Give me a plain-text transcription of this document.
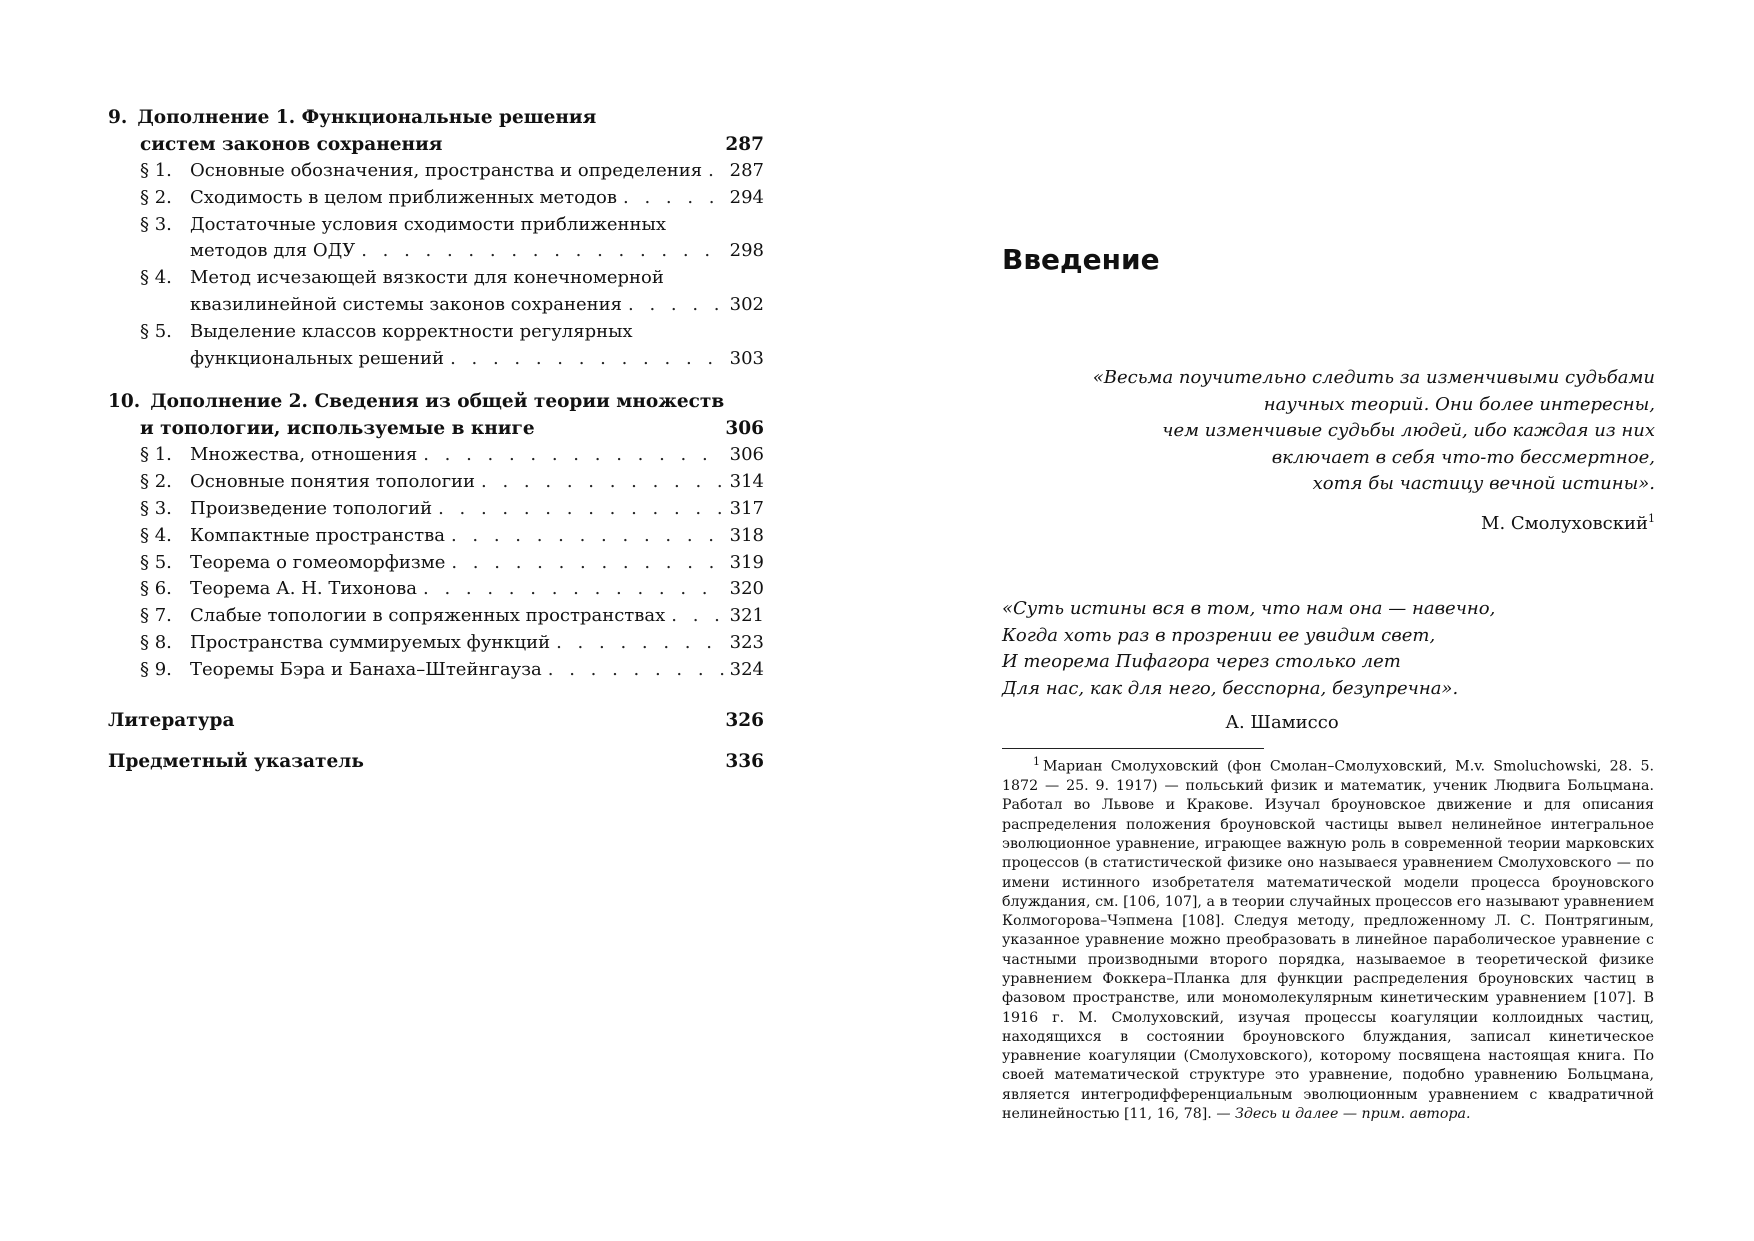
9. Дополнение 1. Функциональные решения
систем законов сохранения	287
§ 1.	Основные обозначения, пространства и определения . . . 287
§ 2.	Сходимость в целом приближенных методов . . .	294
§ 3.	Достаточные условия сходимости приближенных
методов для ОДУ . . .	298
§ 4.	Метод исчезающей вязкости для конечномерной
квазилинейной системы законов сохранения . . .	302
§ 5.	Выделение классов корректности регулярных
функциональных решений . . .	303
10. Дополнение 2. Сведения из общей теории множеств
и топологии, используемые в книге	306
§ 1.	Множества, отношения . . .	306
§ 2.	Основные понятия топологии . . .	314
§ 3.	Произведение топологий . . .	317
§ 4.	Компактные пространства . . .	318
§ 5.	Теорема о гомеоморфизме . . .	319
§ 6.	Теорема А. Н. Тихонова . . .	320
§ 7.	Слабые топологии в сопряженных пространствах . . .	321
§ 8.	Пространства суммируемых функций . . .	323
§ 9.	Теоремы Бэра и Банаха–Штейнгауза . . .	324
Литература	326
Предметный указатель	336
Введение
«Весьма поучительно следить за изменчивыми судьбами
научных теорий. Они более интересны,
чем изменчивые судьбы людей, ибо каждая из них
включает в себя что-то бессмертное,
хотя бы частицу вечной истины».
М. Смолуховский$^1$
«Суть истины вся в том, что нам она — навечно,
Когда хоть раз в прозрении ее увидим свет,
И теорема Пифагора через столько лет
Для нас, как для него, бесспорна, безупречна».
А. Шамиссо

$^1$ Мариан Смолуховский (фон Смолан–Смолуховский, M.v. Smoluchowski, 28. 5. 1872 — 25. 9. 1917) — польський физик и математик, ученик Людвига Больцмана. Работал во Львове и Кракове. Изучал броуновское движение и для описания распределения положения броуновской частицы вывел нелинейное интегральное эволюционное уравнение, играющее важную роль в современной теории марковских процессов (в статистической физике оно называеся уравнением Смолуховского — по имени истинного изобретателя математической модели процесса броуновского блуждания, см. [106, 107], а в теории случайных процессов его называют уравнением Колмогорова–Чэпмена [108]. Следуя методу, предложенному Л. С. Понтрягиным, указанное уравнение можно преобразовать в линейное параболическое уравнение с частными производными второго порядка, называемое в теоретической физике уравнением Фоккера–Планка для функции распределения броуновских частиц в фазовом пространстве, или мономолекулярным кинетическим уравнением [107]. В 1916 г. М. Смолуховский, изучая процессы коагуляции коллоидных частиц, находящихся в состоянии броуновского блуждания, записал кинетическое уравнение коагуляции (Смолуховского), которому посвящена настоящая книга. По своей математической структуре это уравнение, подобно уравнению Больцмана, является интегродифференциальным эволюционным уравнением с квадратичной нелинейностью [11, 16, 78]. — Здесь и далее — прим. автора.
